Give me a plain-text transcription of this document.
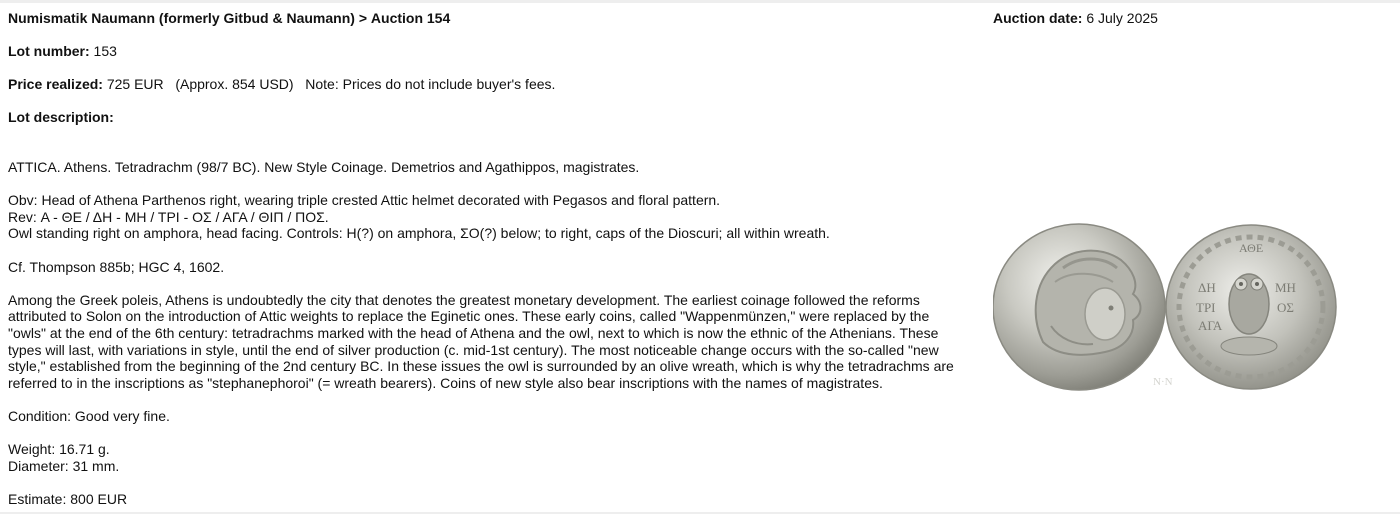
Numismatik Naumann (formerly Gitbud & Naumann) > Auction 154
Lot number: 153
Price realized: 725 EUR (Approx. 854 USD) Note: Prices do not include buyer's fees.
Lot description:

ATTICA. Athens. Tetradrachm (98/7 BC). New Style Coinage. Demetrios and Agathippos, magistrates.

Obv: Head of Athena Parthenos right, wearing triple crested Attic helmet decorated with Pegasos and floral pattern.
Rev: Α - ΘΕ / ΔΗ - ΜΗ / ΤΡΙ - ΟΣ / ΑΓΑ / ΘΙΠ / ΠΟΣ.
Owl standing right on amphora, head facing. Controls: Η(?) on amphora, ΣΟ(?) below; to right, caps of the Dioscuri; all within wreath.

Cf. Thompson 885b; HGC 4, 1602.

Among the Greek poleis, Athens is undoubtedly the city that denotes the greatest monetary development. The earliest coinage followed the reforms
attributed to Solon on the introduction of Attic weights to replace the Eginetic ones. These early coins, called "Wappenmünzen," were replaced by the
"owls" at the end of the 6th century: tetradrachms marked with the head of Athena and the owl, next to which is now the ethnic of the Athenians. These
types will last, with variations in style, until the end of silver production (c. mid-1st century). The most noticeable change occurs with the so-called "new
style," established from the beginning of the 2nd century BC. In these issues the owl is surrounded by an olive wreath, which is why the tetradrachms are
referred to in the inscriptions as "stephanephoroi" (= wreath bearers). Coins of new style also bear inscriptions with the names of magistrates.

Condition: Good very fine.

Weight: 16.71 g.
Diameter: 31 mm.

Estimate: 800 EUR

Auction date: 6 July 2025
ΔΗ
ΤΡΙ
ΑΓΑ
ΜΗ
ΟΣ
ΑΘΕ
N·N
